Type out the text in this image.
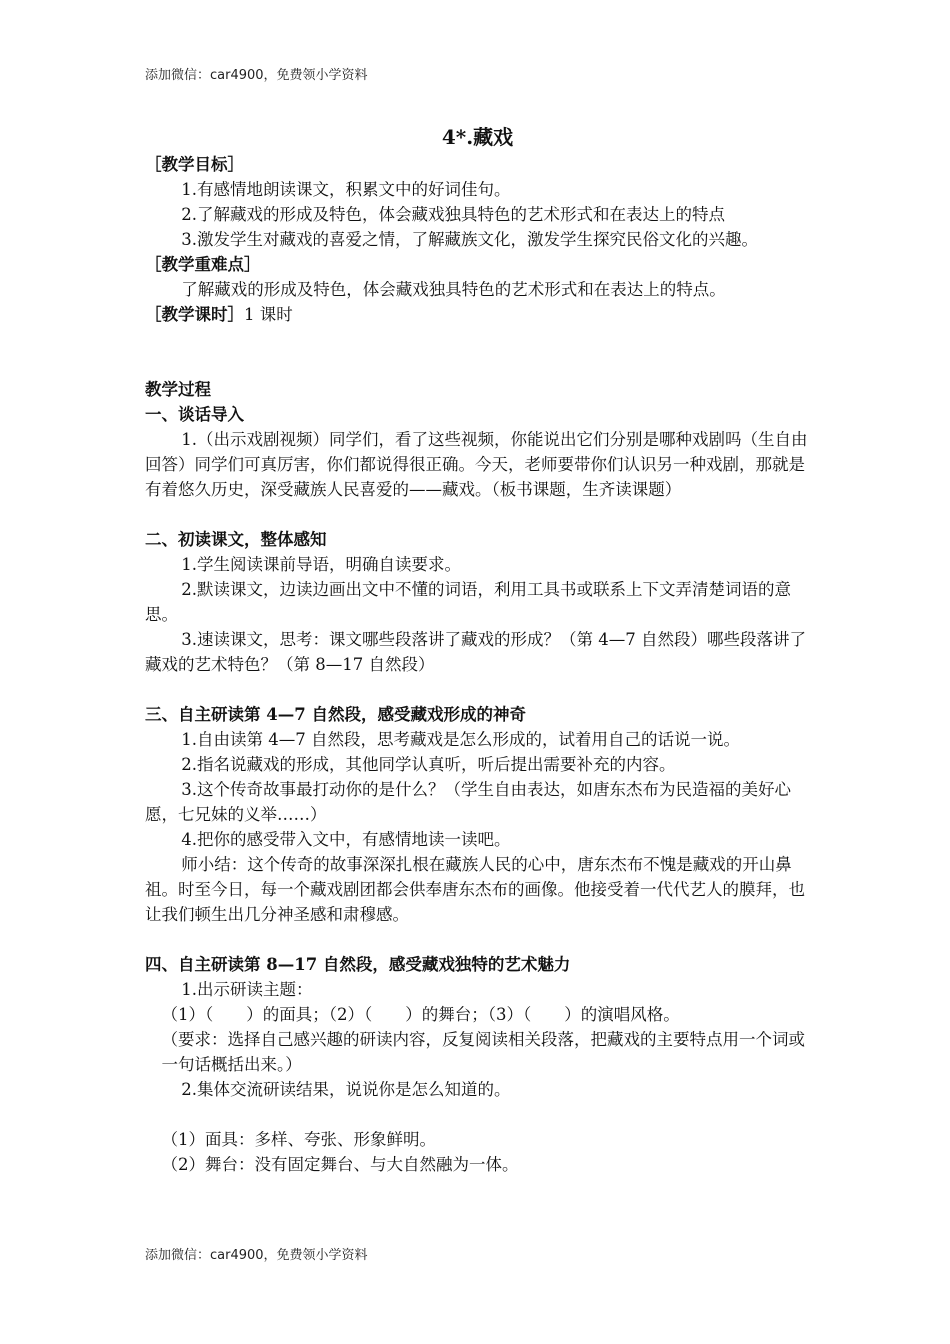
添加微信：car4900，免费领小学资料
4*.藏戏

［教学目标］

1.有感情地朗读课文，积累文中的好词佳句。

2.了解藏戏的形成及特色，体会藏戏独具特色的艺术形式和在表达上的特点

3.激发学生对藏戏的喜爱之情，了解藏族文化，激发学生探究民俗文化的兴趣。

［教学重难点］

了解藏戏的形成及特色，体会藏戏独具特色的艺术形式和在表达上的特点。

［教学课时］1 课时

教学过程

一、谈话导入

1.（出示戏剧视频）同学们，看了这些视频，你能说出它们分别是哪种戏剧吗（生自由回答）同学们可真厉害，你们都说得很正确。今天，老师要带你们认识另一种戏剧，那就是有着悠久历史，深受藏族人民喜爱的——藏戏。（板书课题，生齐读课题）

二、初读课文，整体感知

1.学生阅读课前导语，明确自读要求。

2.默读课文，边读边画出文中不懂的词语，利用工具书或联系上下文弄清楚词语的意思。

3.速读课文，思考：课文哪些段落讲了藏戏的形成？（第 4—7 自然段）哪些段落讲了藏戏的艺术特色？（第 8—17 自然段）

三、自主研读第 4—7 自然段，感受藏戏形成的神奇

1.自由读第 4—7 自然段，思考藏戏是怎么形成的，试着用自己的话说一说。

2.指名说藏戏的形成，其他同学认真听，听后提出需要补充的内容。

3.这个传奇故事最打动你的是什么？（学生自由表达，如唐东杰布为民造福的美好心愿，七兄妹的义举……）

4.把你的感受带入文中，有感情地读一读吧。

师小结：这个传奇的故事深深扎根在藏族人民的心中，唐东杰布不愧是藏戏的开山鼻祖。时至今日，每一个藏戏剧团都会供奉唐东杰布的画像。他接受着一代代艺人的膜拜，也让我们顿生出几分神圣感和肃穆感。

四、自主研读第 8—17 自然段，感受藏戏独特的艺术魅力

1.出示研读主题：

（1）（　　）的面具；（2）（　　）的舞台；（3）（　　）的演唱风格。

（要求：选择自己感兴趣的研读内容，反复阅读相关段落，把藏戏的主要特点用一个词或一句话概括出来。）

2.集体交流研读结果，说说你是怎么知道的。

（1）面具：多样、夸张、形象鲜明。

（2）舞台：没有固定舞台、与大自然融为一体。

添加微信：car4900，免费领小学资料
